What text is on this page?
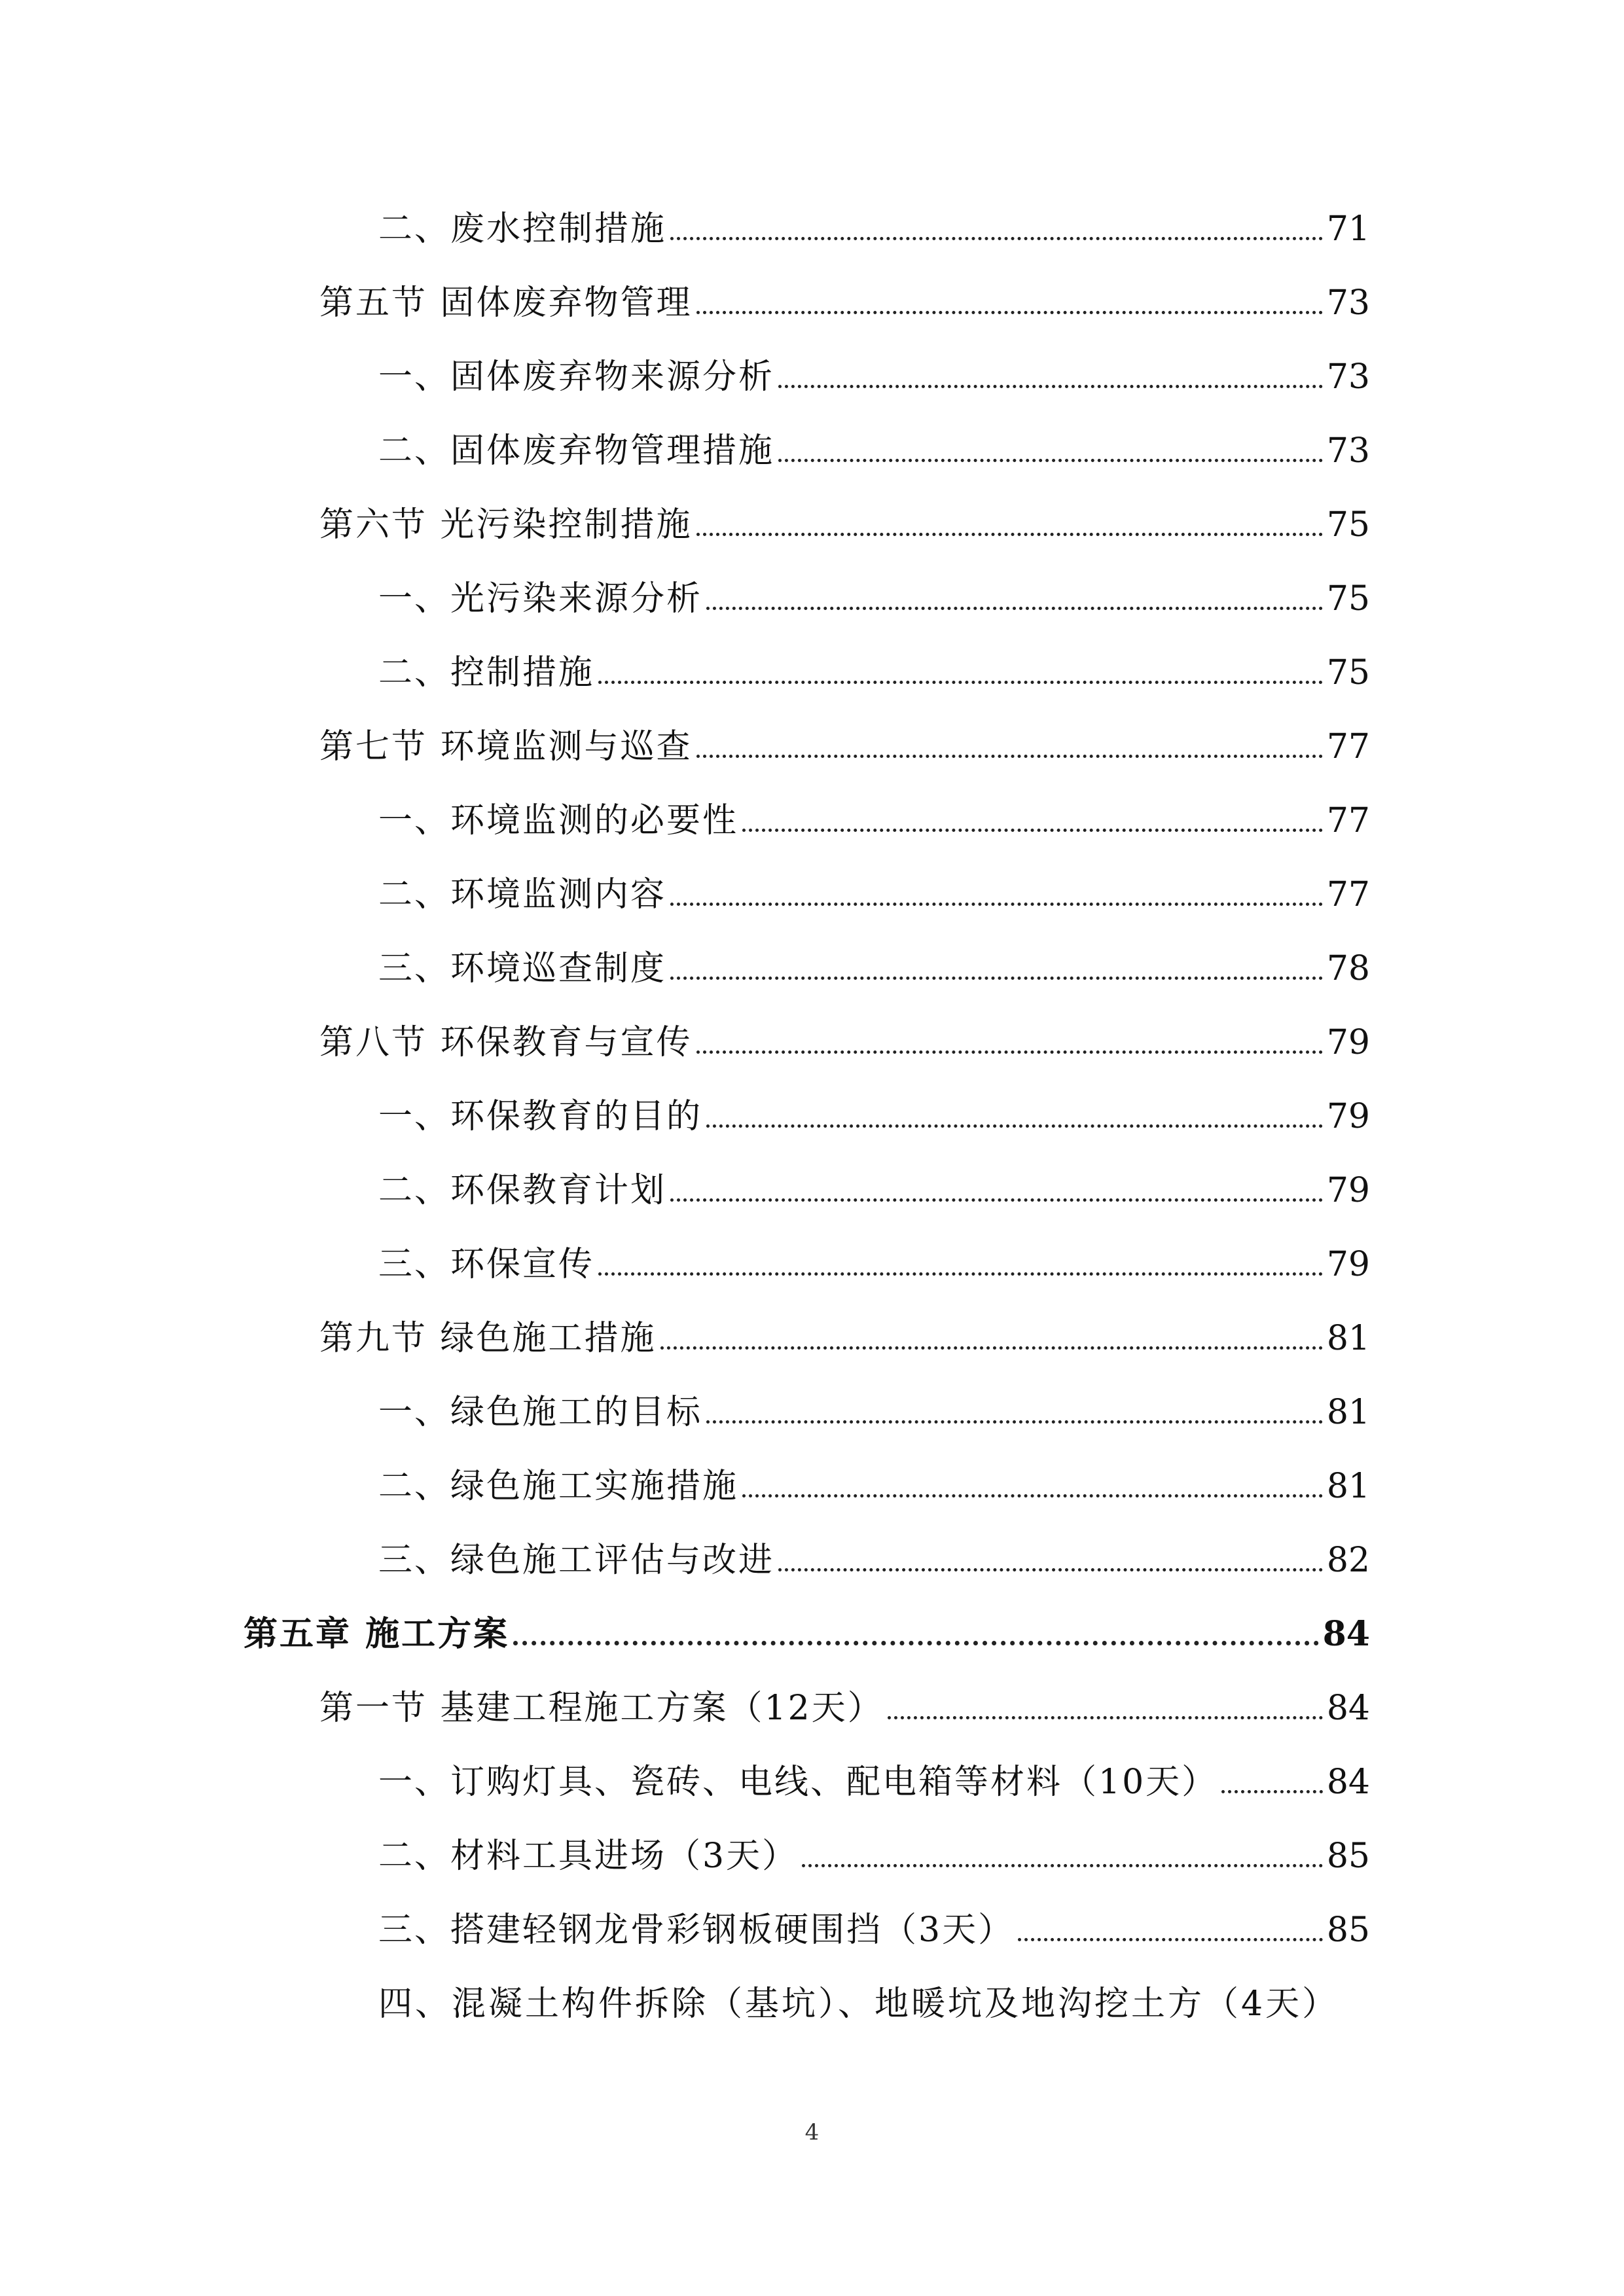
二、废水控制措施	71
第五节 固体废弃物管理	73
一、固体废弃物来源分析	73
二、固体废弃物管理措施	73
第六节 光污染控制措施	75
一、光污染来源分析	75
二、控制措施	75
第七节 环境监测与巡查	77
一、环境监测的必要性	77
二、环境监测内容	77
三、环境巡查制度	78
第八节 环保教育与宣传	79
一、环保教育的目的	79
二、环保教育计划	79
三、环保宣传	79
第九节 绿色施工措施	81
一、绿色施工的目标	81
二、绿色施工实施措施	81
三、绿色施工评估与改进	82
第五章 施工方案	84
第一节 基建工程施工方案（12天）	84
一、订购灯具、瓷砖、电线、配电箱等材料（10天）	84
二、材料工具进场（3天）	85
三、搭建轻钢龙骨彩钢板硬围挡（3天）	85
四、混凝土构件拆除（基坑）、地暖坑及地沟挖土方（4天）
4
